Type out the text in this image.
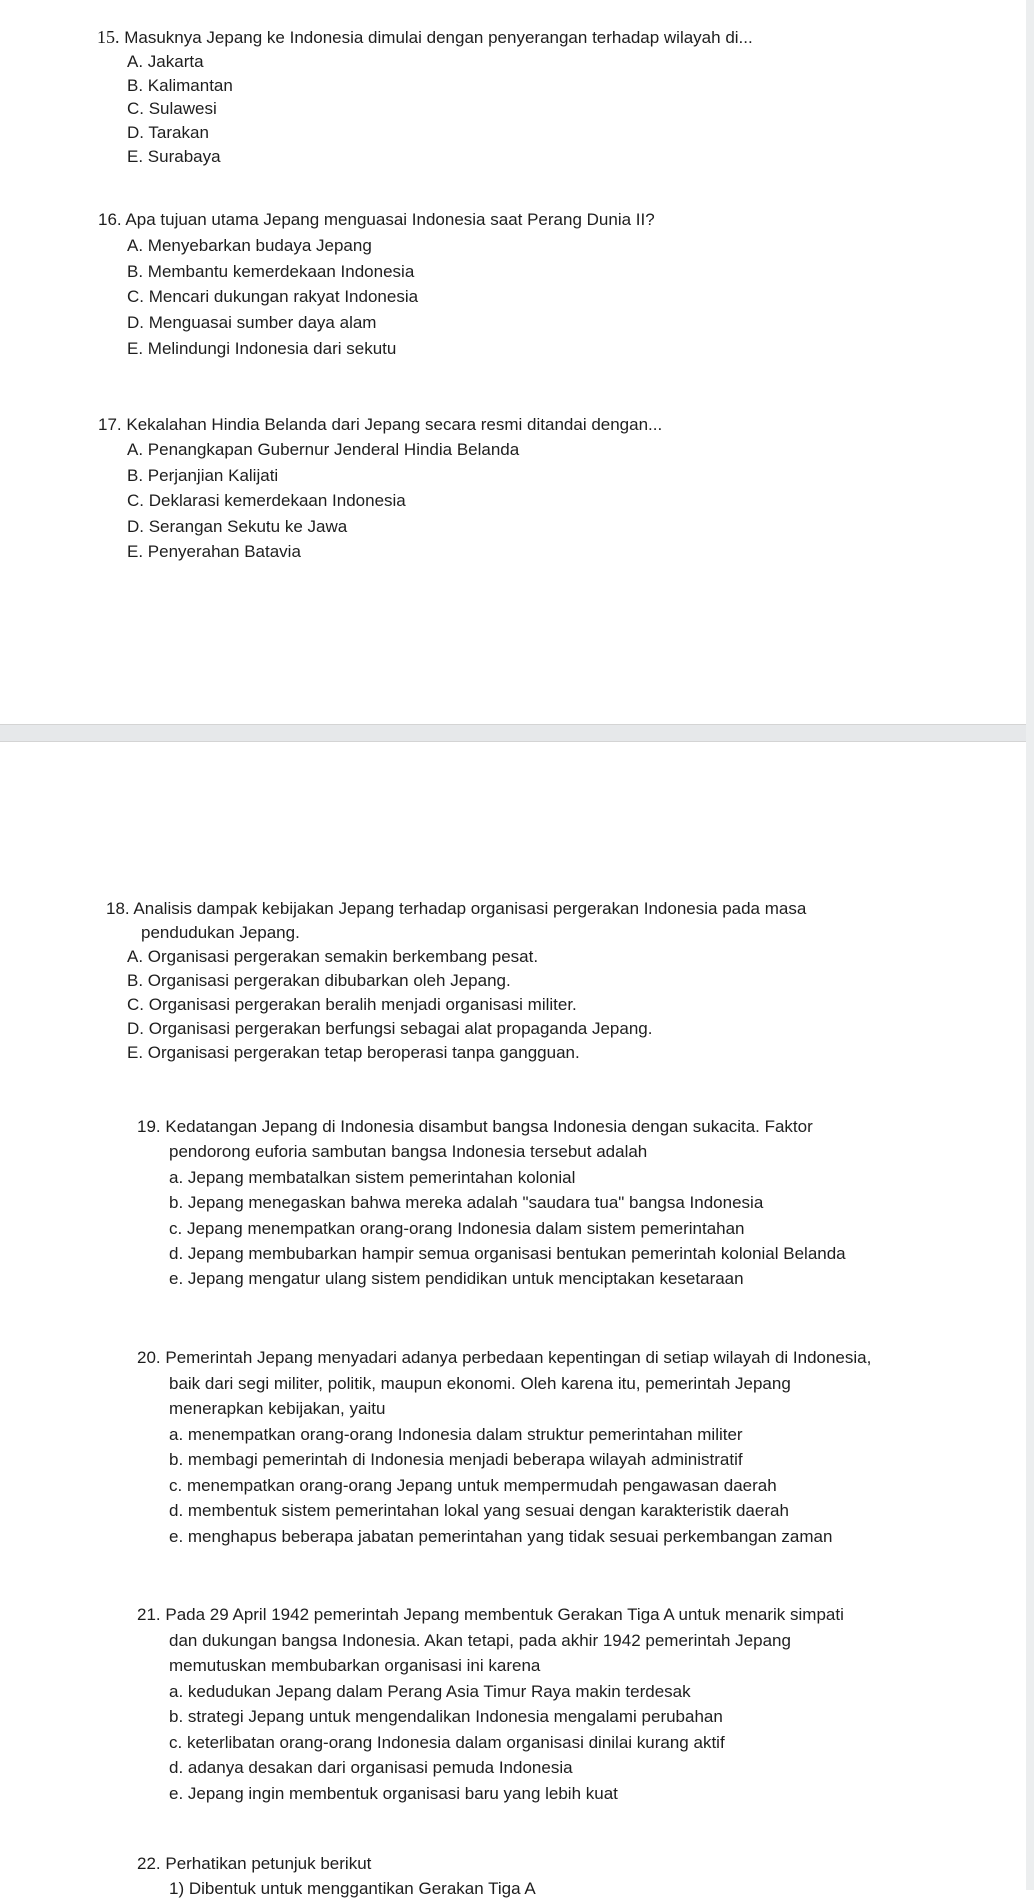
15. Masuknya Jepang ke Indonesia dimulai dengan penyerangan terhadap wilayah di...
A. Jakarta
B. Kalimantan
C. Sulawesi
D. Tarakan
E. Surabaya
16. Apa tujuan utama Jepang menguasai Indonesia saat Perang Dunia II?
A. Menyebarkan budaya Jepang
B. Membantu kemerdekaan Indonesia
C. Mencari dukungan rakyat Indonesia
D. Menguasai sumber daya alam
E. Melindungi Indonesia dari sekutu
17. Kekalahan Hindia Belanda dari Jepang secara resmi ditandai dengan...
A. Penangkapan Gubernur Jenderal Hindia Belanda
B. Perjanjian Kalijati
C. Deklarasi kemerdekaan Indonesia
D. Serangan Sekutu ke Jawa
E. Penyerahan Batavia
18. Analisis dampak kebijakan Jepang terhadap organisasi pergerakan Indonesia pada masa
pendudukan Jepang.
A. Organisasi pergerakan semakin berkembang pesat.
B. Organisasi pergerakan dibubarkan oleh Jepang.
C. Organisasi pergerakan beralih menjadi organisasi militer.
D. Organisasi pergerakan berfungsi sebagai alat propaganda Jepang.
E. Organisasi pergerakan tetap beroperasi tanpa gangguan.
19. Kedatangan Jepang di Indonesia disambut bangsa Indonesia dengan sukacita. Faktor
pendorong euforia sambutan bangsa Indonesia tersebut adalah
a. Jepang membatalkan sistem pemerintahan kolonial
b. Jepang menegaskan bahwa mereka adalah "saudara tua" bangsa Indonesia
c. Jepang menempatkan orang-orang Indonesia dalam sistem pemerintahan
d. Jepang membubarkan hampir semua organisasi bentukan pemerintah kolonial Belanda
e. Jepang mengatur ulang sistem pendidikan untuk menciptakan kesetaraan
20. Pemerintah Jepang menyadari adanya perbedaan kepentingan di setiap wilayah di Indonesia,
baik dari segi militer, politik, maupun ekonomi. Oleh karena itu, pemerintah Jepang
menerapkan kebijakan, yaitu
a. menempatkan orang-orang Indonesia dalam struktur pemerintahan militer
b. membagi pemerintah di Indonesia menjadi beberapa wilayah administratif
c. menempatkan orang-orang Jepang untuk mempermudah pengawasan daerah
d. membentuk sistem pemerintahan lokal yang sesuai dengan karakteristik daerah
e. menghapus beberapa jabatan pemerintahan yang tidak sesuai perkembangan zaman
21. Pada 29 April 1942 pemerintah Jepang membentuk Gerakan Tiga A untuk menarik simpati
dan dukungan bangsa Indonesia. Akan tetapi, pada akhir 1942 pemerintah Jepang
memutuskan membubarkan organisasi ini karena
a. kedudukan Jepang dalam Perang Asia Timur Raya makin terdesak
b. strategi Jepang untuk mengendalikan Indonesia mengalami perubahan
c. keterlibatan orang-orang Indonesia dalam organisasi dinilai kurang aktif
d. adanya desakan dari organisasi pemuda Indonesia
e. Jepang ingin membentuk organisasi baru yang lebih kuat
22. Perhatikan petunjuk berikut
1) Dibentuk untuk menggantikan Gerakan Tiga A
